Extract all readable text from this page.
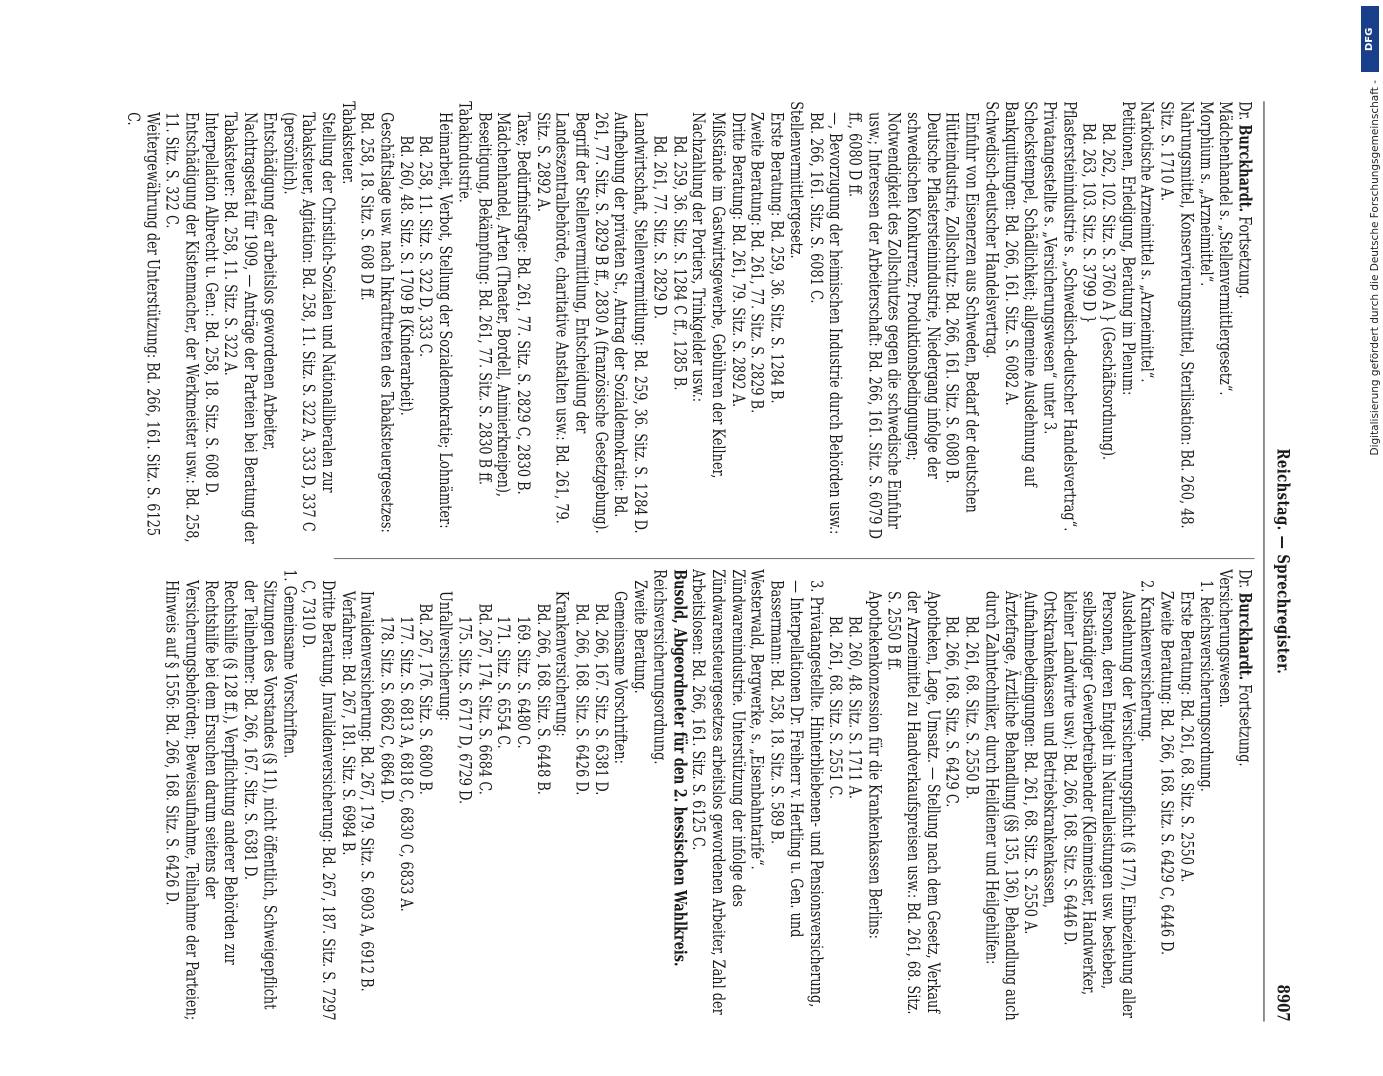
Reichstag. — Sprechregister.
8907

Dr. Burckhardt. Fortsetzung.

Mädchenhandel s. „Stellenvermittlergesetz“.

Morphium s. „Arzneimittel“.

Nahrungsmittel, Konservierungsmittel, Sterilisation: Bd. 260, 48. Sitz. S. 1710 A.

Narkotische Arzneimittel s. „Arzneimittel“.

Petitionen, Erledigung, Beratung im Plenum:

Bd. 262, 102. Sitz. S. 3760 A } (Geschäftsordnung).

Bd. 263, 103. Sitz. S. 3799 D }

Pflastersteinindustrie s. „Schwedisch-deutscher Handelsvertrag“.

Privatangestellte s. „Versicherungswesen“ unter 3.

Scheckstempel, Schädlichkeit; allgemeine Ausdehnung auf Bankquittungen: Bd. 266, 161. Sitz. S. 6082 A.

Schwedisch-deutscher Handelsvertrag.

Einfuhr von Eisenerzen aus Schweden, Bedarf der deutschen Hütteindustrie, Zollschutz: Bd. 266, 161. Sitz. S. 6080 B.

Deutsche Pflastersteinindustrie, Niedergang infolge der schwedischen Konkurrenz; Produktionsbedingungen; Notwendigkeit des Zollschutzes gegen die schwedische Einfuhr usw.; Interessen der Arbeiterschaft: Bd. 266, 161. Sitz. S. 6079 D ff., 6080 D ff.

—, Bevorzugung der heimischen Industrie durch Behörden usw.: Bd. 266, 161. Sitz. S. 6081 C.

Stellenvermittlergesetz.

Erste Beratung: Bd. 259, 36. Sitz. S. 1284 B.

Zweite Beratung: Bd. 261, 77. Sitz. S. 2829 B.

Dritte Beratung: Bd. 261, 79. Sitz. S. 2892 A.

Mißstände im Gastwirtsgewerbe, Gebühren der Kellner, Nachzahlung der Portiers, Trinkgelder usw.:

Bd. 259, 36. Sitz. S. 1284 C ff., 1285 B.

Bd. 261, 77. Sitz. S. 2829 D.

Landwirtschaft, Stellenvermittlung: Bd. 259, 36. Sitz. S. 1284 D.

Aufhebung der privaten St., Antrag der Sozialdemokratie: Bd. 261, 77. Sitz. S. 2829 B ff., 2830 A (französische Gesetzgebung).

Begriff der Stellenvermittlung, Entscheidung der Landeszentralbehörde, charitative Anstalten usw.: Bd. 261, 79. Sitz. S. 2892 A.

Taxe; Bedürfnisfrage: Bd. 261, 77. Sitz. S. 2829 C, 2830 B.

Mädchenhandel, Arten (Theater, Bordell, Animierkneipen), Beseitigung, Bekämpfung: Bd. 261, 77. Sitz. S. 2830 B ff.

Tabakindustrie.

Heimarbeit, Verbot, Stellung der Sozialdemokratie; Lohnämter:

Bd. 258, 11. Sitz. S. 322 D, 333 C.

Bd. 260, 48. Sitz. S. 1709 B (Kinderarbeit).

Geschäftslage usw. nach Inkrafttreten des Tabaksteuergesetzes: Bd. 258, 18. Sitz. S. 608 D ff.

Tabaksteuer.

Stellung der Christlich-Sozialen und Nationalliberalen zur Tabaksteuer, Agitation: Bd. 258, 11. Sitz. S. 322 A, 333 D, 337 C (persönlich).

Entschädigung der arbeitslos gewordenen Arbeiter, Nachtragsetat für 1909, — Anträge der Parteien bei Beratung der Tabaksteuer: Bd. 258, 11. Sitz. S. 322 A.

Interpellation Albrecht u. Gen.: Bd. 258, 18. Sitz. S. 608 D.

Entschädigung der Kistenmacher, der Werkmeister usw.: Bd. 258, 11. Sitz. S. 322 C.

Weitergewährung der Unterstützung: Bd. 266, 161. Sitz. S. 6125 C.

Dr. Burckhardt. Fortsetzung.

Versicherungswesen.

1. Reichsversicherungsordnung.

Erste Beratung: Bd. 261, 68. Sitz. S. 2550 A.

Zweite Beratung: Bd. 266, 168. Sitz. S. 6429 C, 6446 D.

2. Krankenversicherung.

Ausdehnung der Versicherungspflicht (§ 177), Einbeziehung aller Personen, deren Entgelt in Naturalleistungen usw. besteben, selbständiger Gewerbetreibender (Kleinmeister, Handwerker, kleiner Landwirte usw.): Bd. 266, 168. Sitz. S. 6446 D.

Ortskrankenkassen und Betriebskrankenkassen, Aufnahmebedingungen: Bd. 261, 68. Sitz. S. 2550 A.

Ärztefrage, Ärztliche Behandlung (§§ 135, 136), Behandlung auch durch Zahntechniker, durch Heildiener und Heilgehilfen:

Bd. 261, 68. Sitz. S. 2550 B.

Bd. 266, 168. Sitz. S. 6429 C.

Apotheken, Lage, Umsatz. — Stellung nach dem Gesetz, Verkauf der Arzneimittel zu Handverkaufspreisen usw.: Bd. 261, 68. Sitz. S. 2550 B ff.

Apothekenkonzession für die Krankenkassen Berlins:

Bd. 260, 48. Sitz. S. 1711 A.

Bd. 261, 68. Sitz. S. 2551 C.

3. Privatangestellte. Hinterbliebenen- und Pensionsversicherung, — Interpellationen Dr. Freiherr v. Hertling u. Gen. und Bassermann: Bd. 258, 18. Sitz. S. 589 B.

Westerwald, Bergwerke, s. „Eisenbahntarife“.

Zündwarenindustrie. Unterstützung der infolge des Zündwarensteuergesetzes arbeitslos gewordenen Arbeiter, Zahl der Arbeitslosen: Bd. 266, 161. Sitz. S. 6125 C.

Busold, Abgeordneter für den 2. hessischen Wahlkreis.

Reichsversicherungsordnung.

Zweite Beratung.

Gemeinsame Vorschriften:

Bd. 266, 167. Sitz. S. 6381 D.

Bd. 266, 168. Sitz. S. 6426 D.

Krankenversicherung:

Bd. 266, 168. Sitz. S. 6448 B.

169. Sitz. S. 6480 C.

171. Sitz. S. 6554 C.

Bd. 267, 174. Sitz. S. 6684 C.

175. Sitz. S. 6717 D, 6729 D.

Unfallversicherung:

Bd. 267, 176. Sitz. S. 6800 B.

177. Sitz. S. 6813 A, 6818 C, 6830 C, 6833 A.

178. Sitz. S. 6862 C, 6864 D.

Invalidenversicherung: Bd. 267, 179. Sitz. S. 6903 A, 6912 B.

Verfahren: Bd. 267, 181. Sitz. S. 6984 B.

Dritte Beratung, Invalidenversicherung: Bd. 267, 187. Sitz. S. 7297 C, 7310 D.

1. Gemeinsame Vorschriften.

Sitzungen des Vorstandes (§ 11), nicht öffentlich, Schweigepflicht der Teilnehmer: Bd. 266, 167. Sitz. S. 6381 D.

Rechtshilfe (§ 128 ff.), Verpflichtung anderer Behörden zur Rechtshilfe bei dem Ersuchen darum seitens der Versicherungsbehörden; Beweisaufnahme, Teilnahme der Parteien; Hinweis auf § 1556: Bd. 266, 168. Sitz. S. 6426 D.

DFG
Digitalisierung gefördert durch die Deutsche Forschungsgemeinschaft -
